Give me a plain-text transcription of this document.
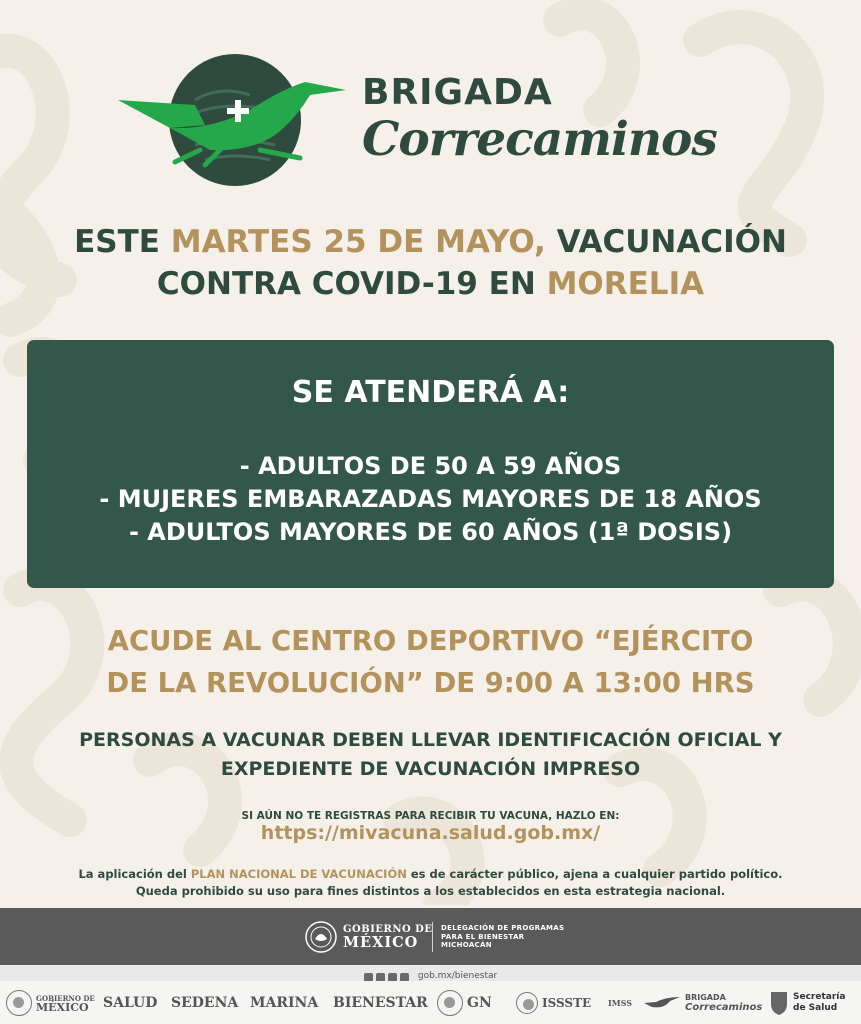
BRIGADA
Correcaminos
ESTE MARTES 25 DE MAYO, VACUNACIÓN
CONTRA COVID-19 EN MORELIA
SE ATENDERÁ A:
- ADULTOS DE 50 A 59 AÑOS
- MUJERES EMBARAZADAS MAYORES DE 18 AÑOS
- ADULTOS MAYORES DE 60 AÑOS (1ª DOSIS)
ACUDE AL CENTRO DEPORTIVO “EJÉRCITO
DE LA REVOLUCIÓN” DE 9:00 A 13:00 HRS
PERSONAS A VACUNAR DEBEN LLEVAR IDENTIFICACIÓN OFICIAL Y
EXPEDIENTE DE VACUNACIÓN IMPRESO
SI AÚN NO TE REGISTRAS PARA RECIBIR TU VACUNA, HAZLO EN:
https://mivacuna.salud.gob.mx/
La aplicación del PLAN NACIONAL DE VACUNACIÓN es de carácter público, ajena a cualquier partido político.
Queda prohibido su uso para fines distintos a los establecidos en esta estrategia nacional.
GOBIERNO DE
MÉXICO
DELEGACIÓN DE PROGRAMAS
PARA EL BIENESTAR
MICHOACÁN
gob.mx/bienestar
GOBIERNO DE
MÉXICO	SALUD SEDENA MARINA BIENESTAR	GN	ISSSTE IMSS
BRIGADA
Correcaminos
Secretaría
de Salud
